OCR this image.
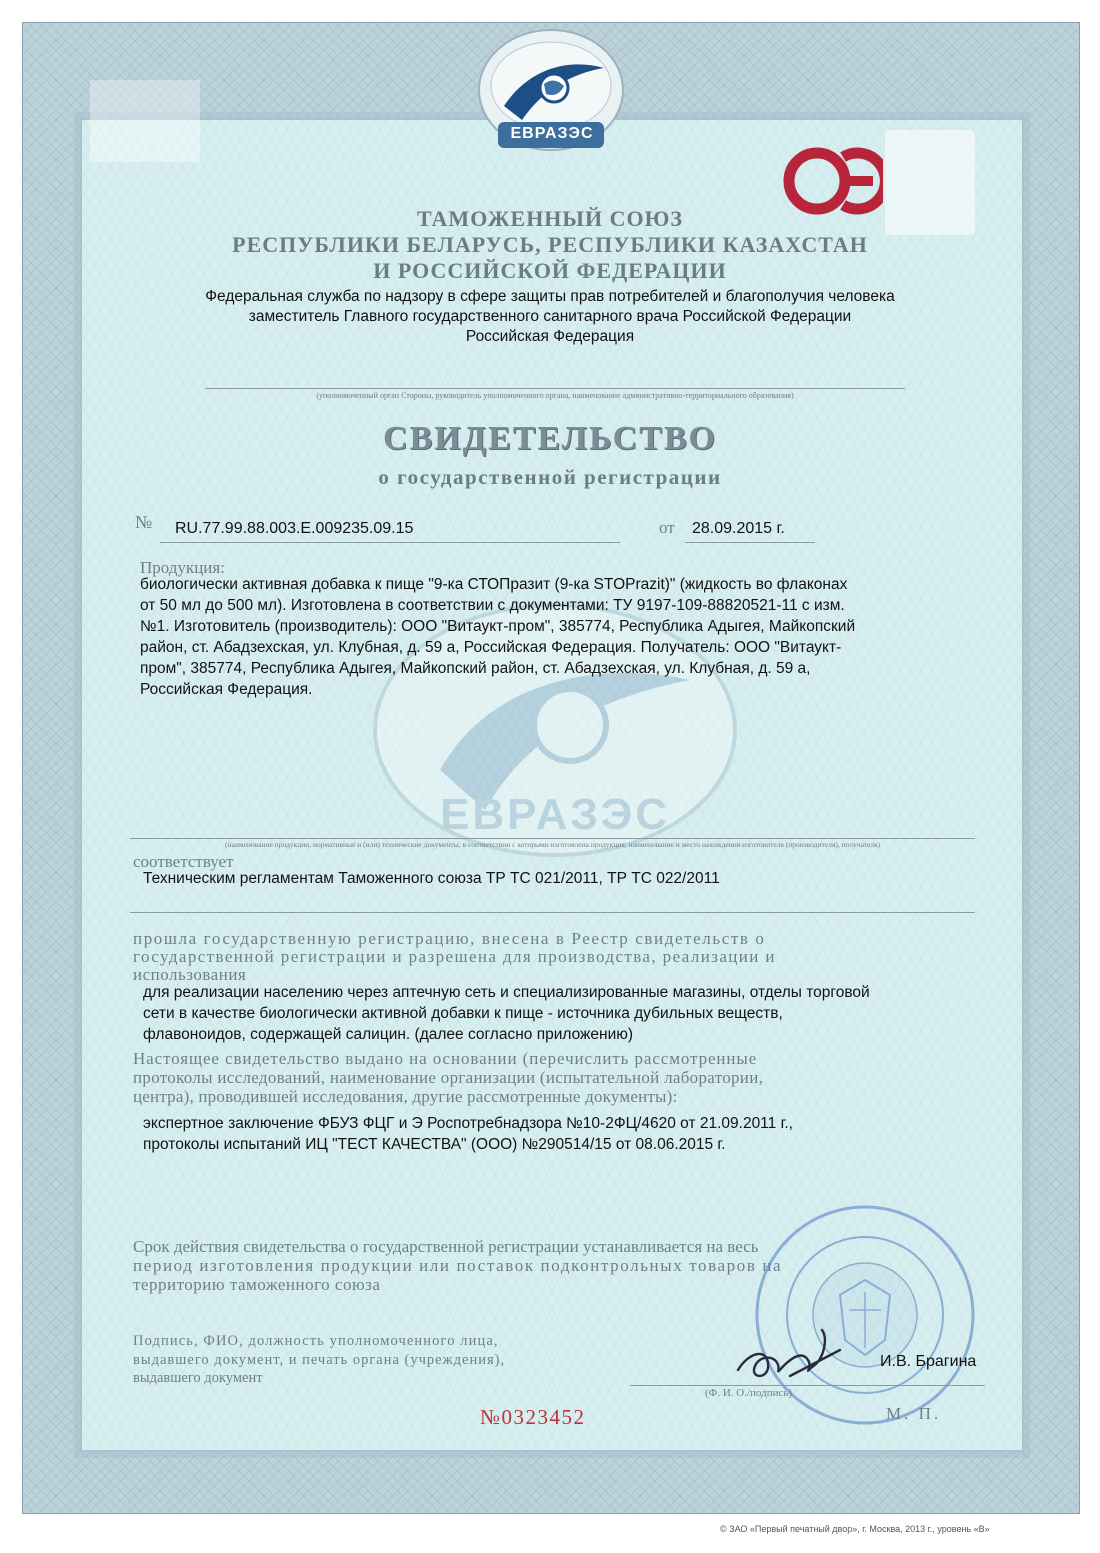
ЕВРАЗЭС
ТАМОЖЕННЫЙ СОЮЗ
РЕСПУБЛИКИ БЕЛАРУСЬ, РЕСПУБЛИКИ КАЗАХСТАН
И РОССИЙСКОЙ ФЕДЕРАЦИИ
Федеральная служба по надзору в сфере защиты прав потребителей и благополучия человека
заместитель Главного государственного санитарного врача Российской Федерации
Российская Федерация
(уполномоченный орган Стороны, руководитель уполномоченного органа, наименование административно-территориального образования)
СВИДЕТЕЛЬСТВО
о государственной регистрации
№ RU.77.99.88.003.E.009235.09.15	от 28.09.2015 г.
ЕВРАЗЭС
Продукция:
биологически активная добавка к пище "9-ка СТОПразит (9-ка STOPrazit)" (жидкость во флаконах
от 50 мл до 500 мл). Изготовлена в соответствии с документами: ТУ 9197-109-88820521-11 с изм.
№1. Изготовитель (производитель): ООО "Витаукт-пром", 385774, Республика Адыгея, Майкопский
район, ст. Абадзехская, ул. Клубная, д. 59 а, Российская Федерация. Получатель: ООО "Витаукт-
пром", 385774, Республика Адыгея, Майкопский район, ст. Абадзехская, ул. Клубная, д. 59 а,
Российская Федерация.
(наименование продукции, нормативные и (или) технические документы, в соответствии с которыми изготовлена продукция, наименование и место нахождения изготовителя (производителя), получателя)
соответствует
Техническим регламентам Таможенного союза ТР ТС 021/2011, ТР ТС 022/2011
прошла государственную регистрацию, внесена в Реестр свидетельств о
государственной регистрации и разрешена для производства, реализации и
использования
для реализации населению через аптечную сеть и специализированные магазины, отделы торговой
сети в качестве биологически активной добавки к пище - источника дубильных веществ,
флавоноидов, содержащей салицин. (далее согласно приложению)
Настоящее свидетельство выдано на основании (перечислить рассмотренные
протоколы исследований, наименование организации (испытательной лаборатории,
центра), проводившей исследования, другие рассмотренные документы):
экспертное заключение ФБУЗ ФЦГ и Э Роспотребнадзора №10-2ФЦ/4620 от 21.09.2011 г.,
протоколы испытаний ИЦ "ТЕСТ КАЧЕСТВА" (ООО) №290514/15 от 08.06.2015 г.
Срок действия свидетельства о государственной регистрации устанавливается на весь
период изготовления продукции или поставок подконтрольных товаров на
территорию таможенного союза
Подпись, ФИО, должность уполномоченного лица,
выдавшего документ, и печать органа (учреждения),
выдавшего документ
И.В. Брагина
(Ф. И. О./подпись)
М. П.
№0323452
© ЗАО «Первый печатный двор», г. Москва, 2013 г., уровень «В»
